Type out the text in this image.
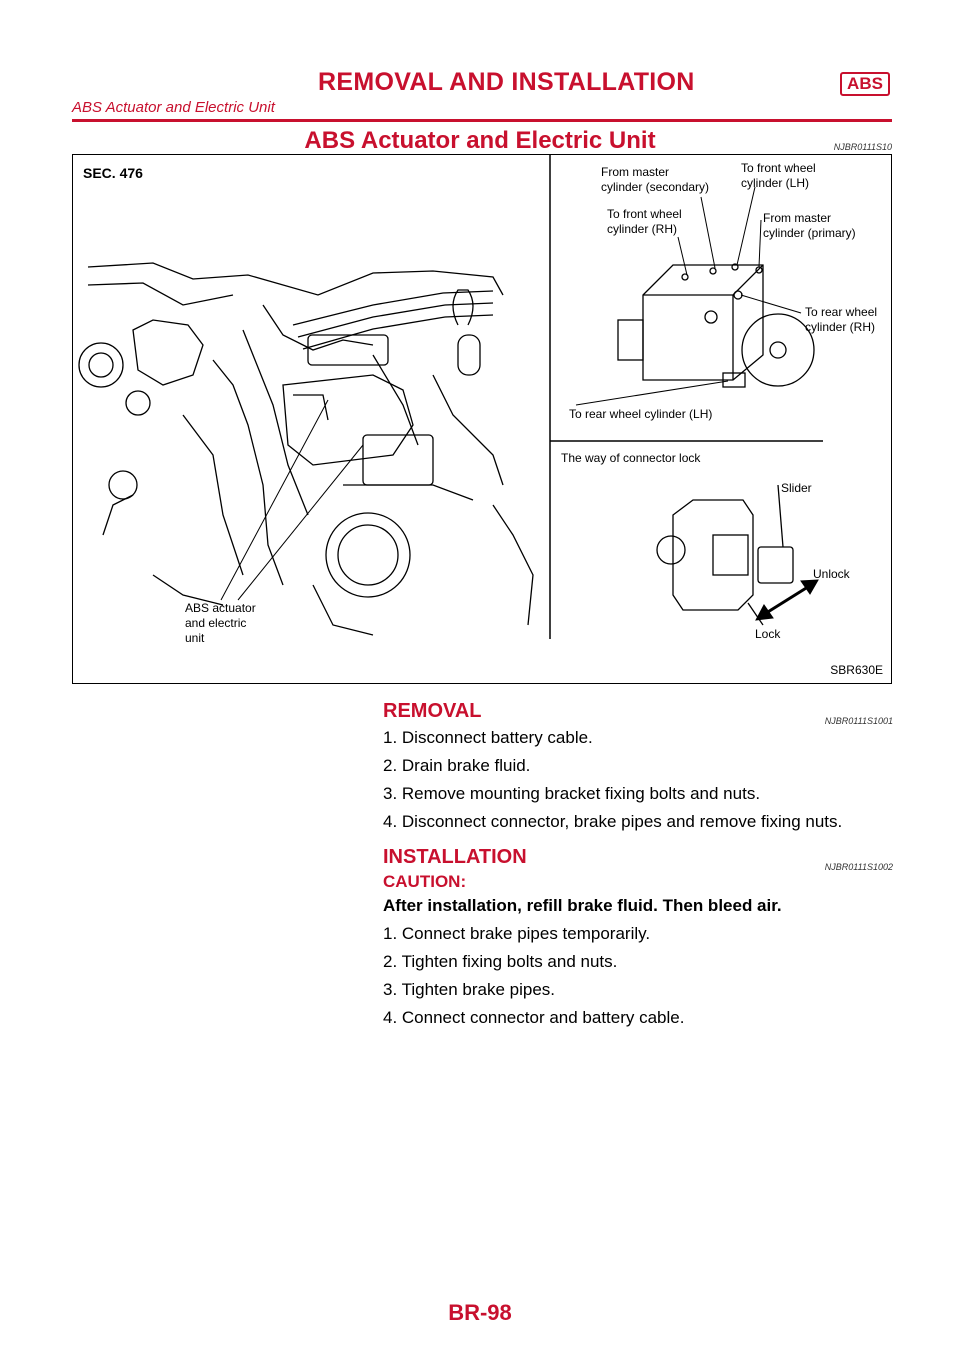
REMOVAL AND INSTALLATION	ABS
ABS Actuator and Electric Unit
ABS Actuator and Electric Unit	NJBR0111S10
SEC. 476
SBR630E
ABS actuator
and electric
unit
From master
cylinder (secondary)
To front wheel
cylinder (LH)
To front wheel
cylinder (RH)
From master
cylinder (primary)
To rear wheel
cylinder (RH)
To rear wheel cylinder (LH)
The way of connector lock
Slider
Unlock
Lock
REMOVAL	NJBR0111S1001
1. Disconnect battery cable.
2. Drain brake fluid.
3. Remove mounting bracket fixing bolts and nuts.
4. Disconnect connector, brake pipes and remove fixing nuts.
INSTALLATION	NJBR0111S1002
CAUTION:
After installation, refill brake fluid. Then bleed air.
1. Connect brake pipes temporarily.
2. Tighten fixing bolts and nuts.
3. Tighten brake pipes.
4. Connect connector and battery cable.
BR-98
